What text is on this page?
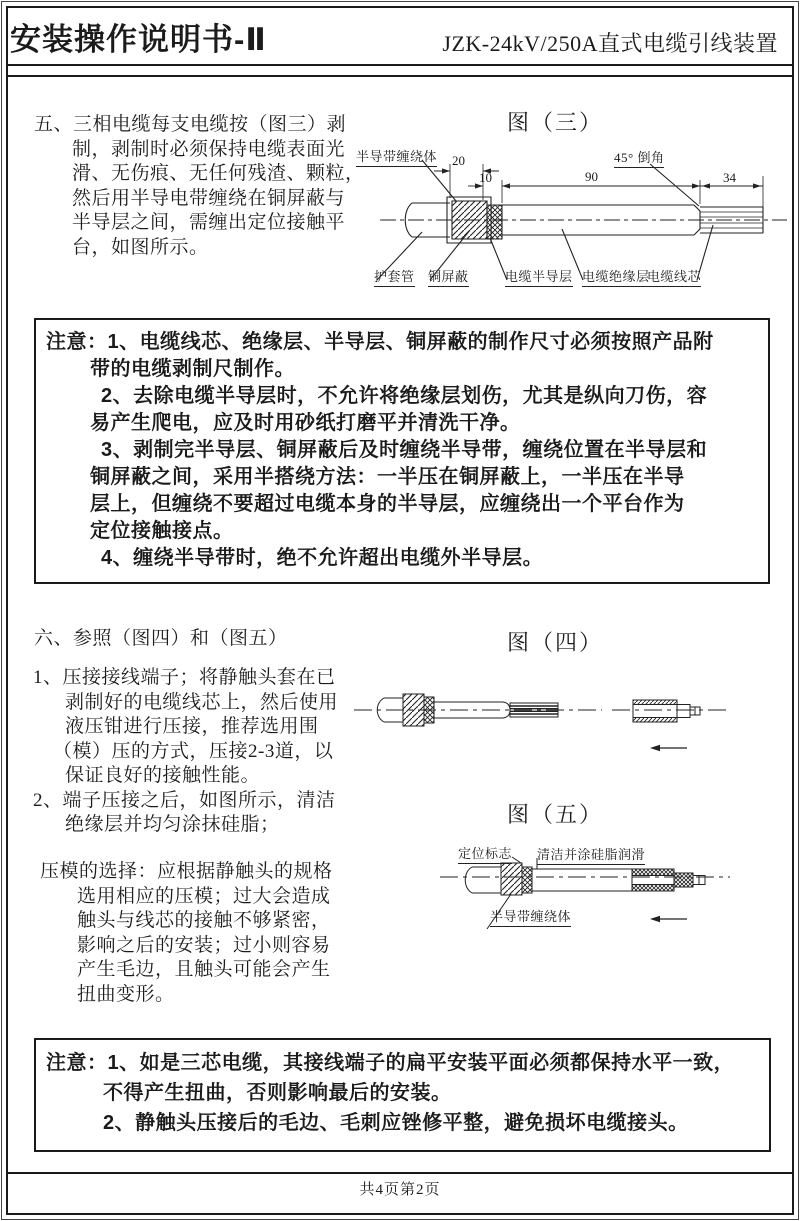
安装操作说明书-Ⅱ	JZK-24kV/250A直式电缆引线装置
五、三相电缆每支电缆按（图三）剥
制，剥制时必须保持电缆表面光
滑、无伤痕、无任何残渣、颗粒，
然后用半导电带缠绕在铜屏蔽与
半导层之间，需缠出定位接触平
台，如图所示。
图（三）
半导带缠绕体	45° 倒角
20
10	90	34
护套管 铜屏蔽	电缆半导层 电缆绝缘层
电缆线芯
注意：1、电缆线芯、绝缘层、半导层、铜屏蔽的制作尺寸必须按照产品附
带的电缆剥制尺制作。
2、去除电缆半导层时，不允许将绝缘层划伤，尤其是纵向刀伤，容
易产生爬电，应及时用砂纸打磨平并清洗干净。
3、剥制完半导层、铜屏蔽后及时缠绕半导带，缠绕位置在半导层和
铜屏蔽之间，采用半搭绕方法：一半压在铜屏蔽上，一半压在半导
层上，但缠绕不要超过电缆本身的半导层，应缠绕出一个平台作为
定位接触接点。
4、缠绕半导带时，绝不允许超出电缆外半导层。
六、参照（图四）和（图五）
1、压接接线端子；将静触头套在已
剥制好的电缆线芯上，然后使用
液压钳进行压接，推荐选用围
（模）压的方式，压接2-3道，以
保证良好的接触性能。
2、端子压接之后，如图所示，清洁
绝缘层并均匀涂抹硅脂；
压模的选择：应根据静触头的规格
选用相应的压模；过大会造成
触头与线芯的接触不够紧密，
影响之后的安装；过小则容易
产生毛边，且触头可能会产生
扭曲变形。
图（四）
图（五）
定位标志 清洁并涂硅脂润滑
半导带缠绕体
注意：1、如是三芯电缆，其接线端子的扁平安装平面必须都保持水平一致，
不得产生扭曲，否则影响最后的安装。
2、静触头压接后的毛边、毛刺应锉修平整，避免损坏电缆接头。
共4页第2页
